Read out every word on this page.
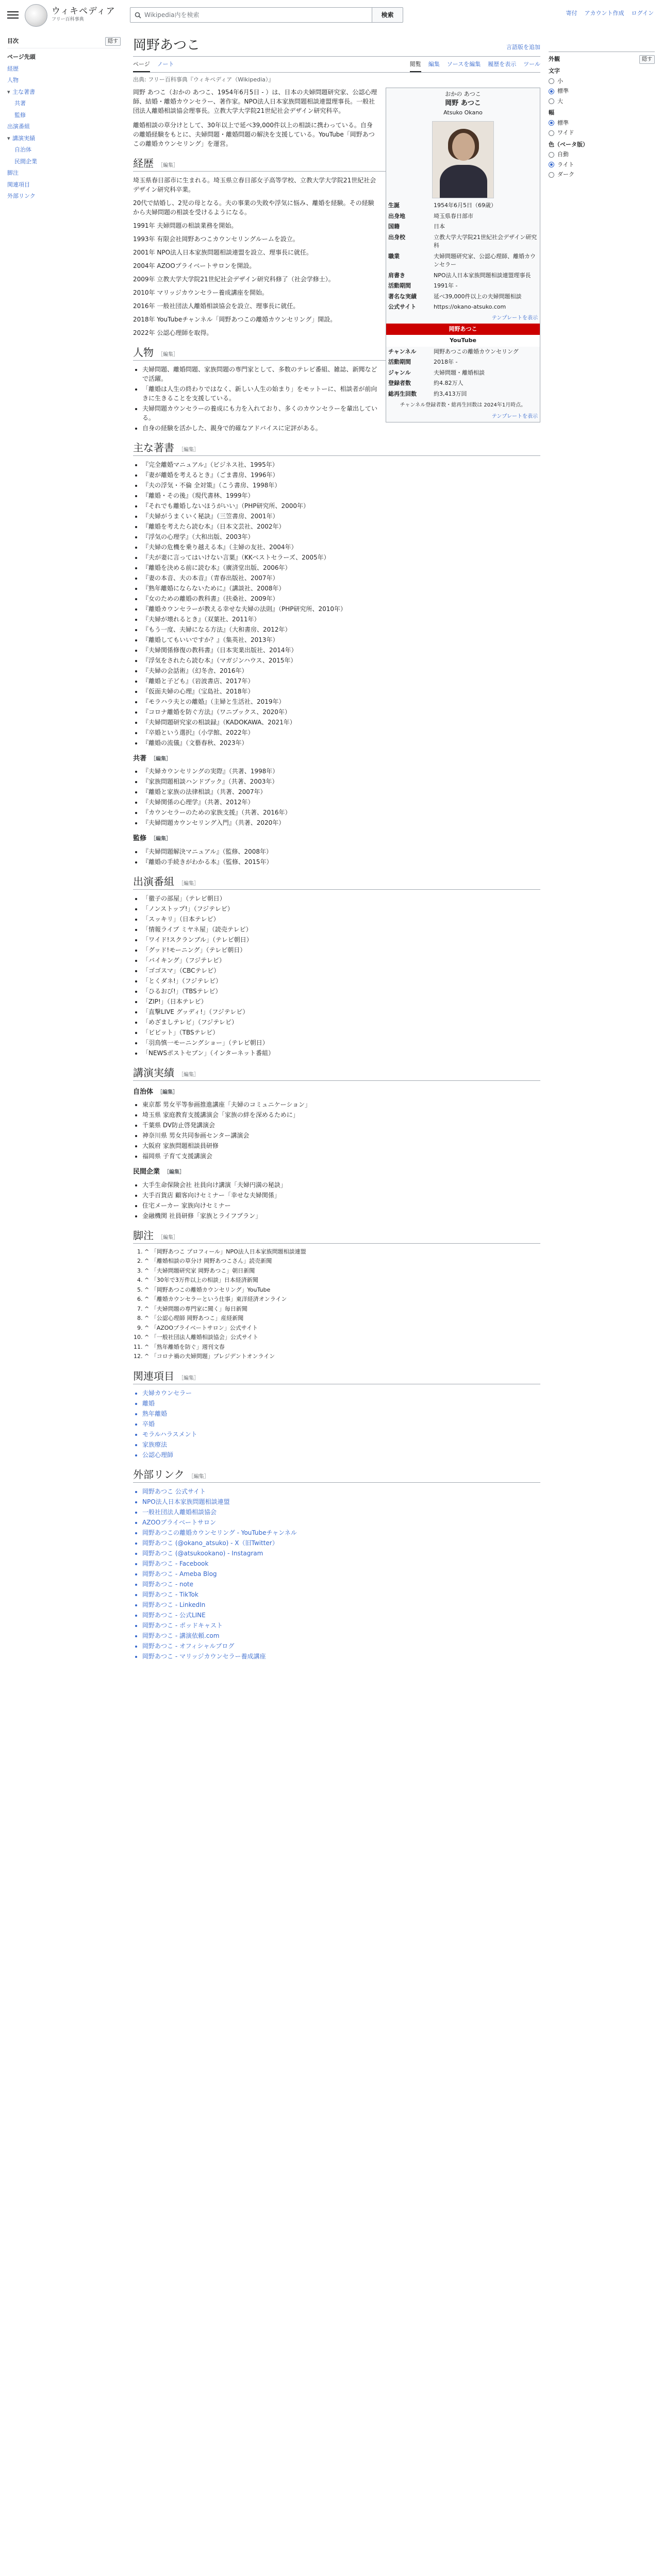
ウィキペディア
フリー百科事典
Wikipedia内を検索	検索	寄付 アカウント作成 ログイン
目次	隠す
ページ先頭
経歴
人物
▾ 主な著書
共著
監修
出演番組
▾ 講演実績
自治体
民間企業
脚注
関連項目
外部リンク
岡野あつこ	言語版を追加
ページ ノート	閲覧 編集 ソースを編集 履歴を表示 ツール
出典: フリー百科事典『ウィキペディア（Wikipedia）』
おかの あつこ
岡野 あつこ
Atsuko Okano
生誕	1954年6月5日（69歳）
出身地	埼玉県春日部市
国籍	日本
出身校	立教大学大学院21世紀社会デザイン研究科
職業	夫婦問題研究家、公認心理師、離婚カウンセラー
肩書き	NPO法人日本家族問題相談連盟理事長
活動期間	1991年 -
著名な実績	延べ39,000件以上の夫婦問題相談
公式サイト	https://okano-atsuko.com
テンプレートを表示
岡野あつこ
YouTube
チャンネル	岡野あつこの離婚カウンセリング
活動期間	2018年 -
ジャンル	夫婦問題・離婚相談
登録者数	約4.82万人
総再生回数	約3,413万回
チャンネル登録者数・総再生回数は 2024年1月時点。
テンプレートを表示

岡野 あつこ（おかの あつこ、1954年6月5日 - ）は、日本の夫婦問題研究家、公認心理師、結婚・離婚カウンセラー、著作家。NPO法人日本家族問題相談連盟理事長。一般社団法人離婚相談協会理事長。立教大学大学院21世紀社会デザイン研究科卒。

離婚相談の草分けとして、30年以上で延べ39,000件以上の相談に携わっている。自身の離婚経験をもとに、夫婦問題・離婚問題の解決を支援している。YouTube「岡野あつこの離婚カウンセリング」を運営。

経歴 ［編集］

埼玉県春日部市に生まれる。埼玉県立春日部女子高等学校、立教大学大学院21世紀社会デザイン研究科卒業。

20代で結婚し、2児の母となる。夫の事業の失敗や浮気に悩み、離婚を経験。その経験から夫婦問題の相談を受けるようになる。

1991年 夫婦問題の相談業務を開始。

1993年 有限会社岡野あつこカウンセリングルームを設立。

2001年 NPO法人日本家族問題相談連盟を設立、理事長に就任。

2004年 AZOOプライベートサロンを開設。

2009年 立教大学大学院21世紀社会デザイン研究科修了（社会学修士）。

2010年 マリッジカウンセラー養成講座を開始。

2016年 一般社団法人離婚相談協会を設立、理事長に就任。

2018年 YouTubeチャンネル「岡野あつこの離婚カウンセリング」開設。

2022年 公認心理師を取得。

人物 ［編集］
• 夫婦問題、離婚問題、家族問題の専門家として、多数のテレビ番組、雑誌、新聞などで活躍。
• 「離婚は人生の終わりではなく、新しい人生の始まり」をモットーに、相談者が前向きに生きることを支援している。
• 夫婦問題カウンセラーの養成にも力を入れており、多くのカウンセラーを輩出している。
• 自身の経験を活かした、親身で的確なアドバイスに定評がある。
主な著書 ［編集］
• 『完全離婚マニュアル』（ビジネス社、1995年）
• 『妻が離婚を考えるとき』（ごま書房、1996年）
• 『夫の浮気・不倫 全対策』（こう書房、1998年）
• 『離婚・その後』（現代書林、1999年）
• 『それでも離婚しないほうがいい』（PHP研究所、2000年）
• 『夫婦がうまくいく秘訣』（三笠書房、2001年）
• 『離婚を考えたら読む本』（日本文芸社、2002年）
• 『浮気の心理学』（大和出版、2003年）
• 『夫婦の危機を乗り越える本』（主婦の友社、2004年）
• 『夫が妻に言ってはいけない言葉』（KKベストセラーズ、2005年）
• 『離婚を決める前に読む本』（廣済堂出版、2006年）
• 『妻の本音、夫の本音』（青春出版社、2007年）
• 『熟年離婚にならないために』（講談社、2008年）
• 『女のための離婚の教科書』（扶桑社、2009年）
• 『離婚カウンセラーが教える幸せな夫婦の法則』（PHP研究所、2010年）
• 『夫婦が壊れるとき』（双葉社、2011年）
• 『もう一度、夫婦になる方法』（大和書房、2012年）
• 『離婚してもいいですか？』（集英社、2013年）
• 『夫婦関係修復の教科書』（日本実業出版社、2014年）
• 『浮気をされたら読む本』（マガジンハウス、2015年）
• 『夫婦の会話術』（幻冬舎、2016年）
• 『離婚と子ども』（岩波書店、2017年）
• 『仮面夫婦の心理』（宝島社、2018年）
• 『モラハラ夫との離婚』（主婦と生活社、2019年）
• 『コロナ離婚を防ぐ方法』（ワニブックス、2020年）
• 『夫婦問題研究家の相談録』（KADOKAWA、2021年）
• 『卒婚という選択』（小学館、2022年）
• 『離婚の流儀』（文藝春秋、2023年）
共著 ［編集］
• 『夫婦カウンセリングの実際』（共著、1998年）
• 『家族問題相談ハンドブック』（共著、2003年）
• 『離婚と家族の法律相談』（共著、2007年）
• 『夫婦関係の心理学』（共著、2012年）
• 『カウンセラーのための家族支援』（共著、2016年）
• 『夫婦問題カウンセリング入門』（共著、2020年）
監修 ［編集］
• 『夫婦問題解決マニュアル』（監修、2008年）
• 『離婚の手続きがわかる本』（監修、2015年）
出演番組 ［編集］
• 「徹子の部屋」（テレビ朝日）
• 「ノンストップ!」（フジテレビ）
• 「スッキリ」（日本テレビ）
• 「情報ライブ ミヤネ屋」（読売テレビ）
• 「ワイド!スクランブル」（テレビ朝日）
• 「グッド!モーニング」（テレビ朝日）
• 「バイキング」（フジテレビ）
• 「ゴゴスマ」（CBCテレビ）
• 「とくダネ!」（フジテレビ）
• 「ひるおび!」（TBSテレビ）
• 「ZIP!」（日本テレビ）
• 「直撃LIVE グッディ!」（フジテレビ）
• 「めざましテレビ」（フジテレビ）
• 「ビビット」（TBSテレビ）
• 「羽鳥慎一モーニングショー」（テレビ朝日）
• 「NEWSポストセブン」（インターネット番組）
講演実績 ［編集］
自治体 ［編集］
• 東京都 男女平等参画推進講座「夫婦のコミュニケーション」
• 埼玉県 家庭教育支援講演会「家族の絆を深めるために」
• 千葉県 DV防止啓発講演会
• 神奈川県 男女共同参画センター講演会
• 大阪府 家族問題相談員研修
• 福岡県 子育て支援講演会
民間企業 ［編集］
• 大手生命保険会社 社員向け講演「夫婦円満の秘訣」
• 大手百貨店 顧客向けセミナー「幸せな夫婦関係」
• 住宅メーカー 家族向けセミナー
• 金融機関 社員研修「家族とライフプラン」
脚注 ［編集］
1. ^ 「岡野あつこ プロフィール」NPO法人日本家族問題相談連盟
2. ^ 「離婚相談の草分け 岡野あつこさん」読売新聞
3. ^ 「夫婦問題研究家 岡野あつこ」朝日新聞
4. ^ 「30年で3万件以上の相談」日本経済新聞
5. ^ 「岡野あつこの離婚カウンセリング」YouTube
6. ^ 「離婚カウンセラーという仕事」東洋経済オンライン
7. ^ 「夫婦問題の専門家に聞く」毎日新聞
8. ^ 「公認心理師 岡野あつこ」産経新聞
9. ^ 「AZOOプライベートサロン」公式サイト
10. ^ 「一般社団法人離婚相談協会」公式サイト
11. ^ 「熟年離婚を防ぐ」週刊文春
12. ^ 「コロナ禍の夫婦問題」プレジデントオンライン
関連項目 ［編集］
• 夫婦カウンセラー
• 離婚
• 熟年離婚
• 卒婚
• モラルハラスメント
• 家族療法
• 公認心理師
外部リンク ［編集］
• 岡野あつこ 公式サイト
• NPO法人日本家族問題相談連盟
• 一般社団法人離婚相談協会
• AZOOプライベートサロン
• 岡野あつこの離婚カウンセリング - YouTubeチャンネル
• 岡野あつこ (@okano_atsuko) - X（旧Twitter）
• 岡野あつこ (@atsukookano) - Instagram
• 岡野あつこ - Facebook
• 岡野あつこ - Ameba Blog
• 岡野あつこ - note
• 岡野あつこ - TikTok
• 岡野あつこ - LinkedIn
• 岡野あつこ - 公式LINE
• 岡野あつこ - ポッドキャスト
• 岡野あつこ - 講演依頼.com
• 岡野あつこ - オフィシャルブログ
• 岡野あつこ - マリッジカウンセラー養成講座
外観	隠す
文字
小
標準
大
幅
標準
ワイド
色（ベータ版）
自動
ライト
ダーク
